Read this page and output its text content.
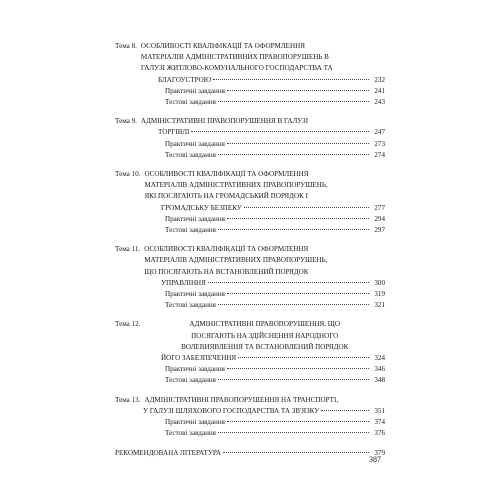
Тема 8. ОСОБЛИВОСТІ КВАЛІФІКАЦІЇ ТА ОФОРМЛЕННЯ
МАТЕРІАЛІВ АДМІНІСТРАТИВНИХ ПРАВОПОРУШЕНЬ В
ГАЛУЗІ ЖИТЛОВО-КОМУНАЛЬНОГО ГОСПОДАРСТВА ТА
БЛАГОУСТРОЮ	232
Практичні завдання	241
Тестові завдання	243
Тема 9. АДМІНІСТРАТИВНІ ПРАВОПОРУШЕННЯ В ГАЛУЗІ
ТОРГІВЛІ	247
Практичні завдання	273
Тестові завдання	274
Тема 10. ОСОБЛИВОСТІ КВАЛІФІКАЦІЇ ТА ОФОРМЛЕННЯ
МАТЕРІАЛІВ АДМІНІСТРАТИВНИХ ПРАВОПОРУШЕНЬ,
ЯКІ ПОСЯГАЮТЬ НА ГРОМАДСЬКИЙ ПОРЯДОК І
ГРОМАДСЬКУ БЕЗПЕКУ	277
Практичні завдання	294
Тестові завдання	297
Тема 11. ОСОБЛИВОСТІ КВАЛІФІКАЦІЇ ТА ОФОРМЛЕННЯ
МАТЕРІАЛІВ АДМІНІСТРАТИВНИХ ПРАВОПОРУШЕНЬ,
ЩО ПОСЯГАЮТЬ НА ВСТАНОВЛЕНИЙ ПОРЯДОК
УПРАВЛІННЯ	300
Практичні завдання	319
Тестові завдання	321
Тема 12.	АДМІНІСТРАТИВНІ ПРАВОПОРУШЕННЯ, ЩО
ПОСЯГАЮТЬ НА ЗДІЙСНЕННЯ НАРОДНОГО
ВОЛЕВИЯВЛЕННЯ ТА ВСТАНОВЛЕНИЙ ПОРЯДОК
ЙОГО ЗАБЕЗПЕЧЕННЯ	324
Практичні завдання	346
Тестові завдання	348
Тема 13. АДМІНІСТРАТИВНІ ПРАВОПОРУШЕННЯ НА ТРАНСПОРТІ,
У ГАЛУЗІ ШЛЯХОВОГО ГОСПОДАРСТВА ТА ЗВ'ЯЗКУ	351
Практичні завдання	374
Тестові завдання	376
РЕКОМЕНДОВАНА ЛІТЕРАТУРА	379
387
